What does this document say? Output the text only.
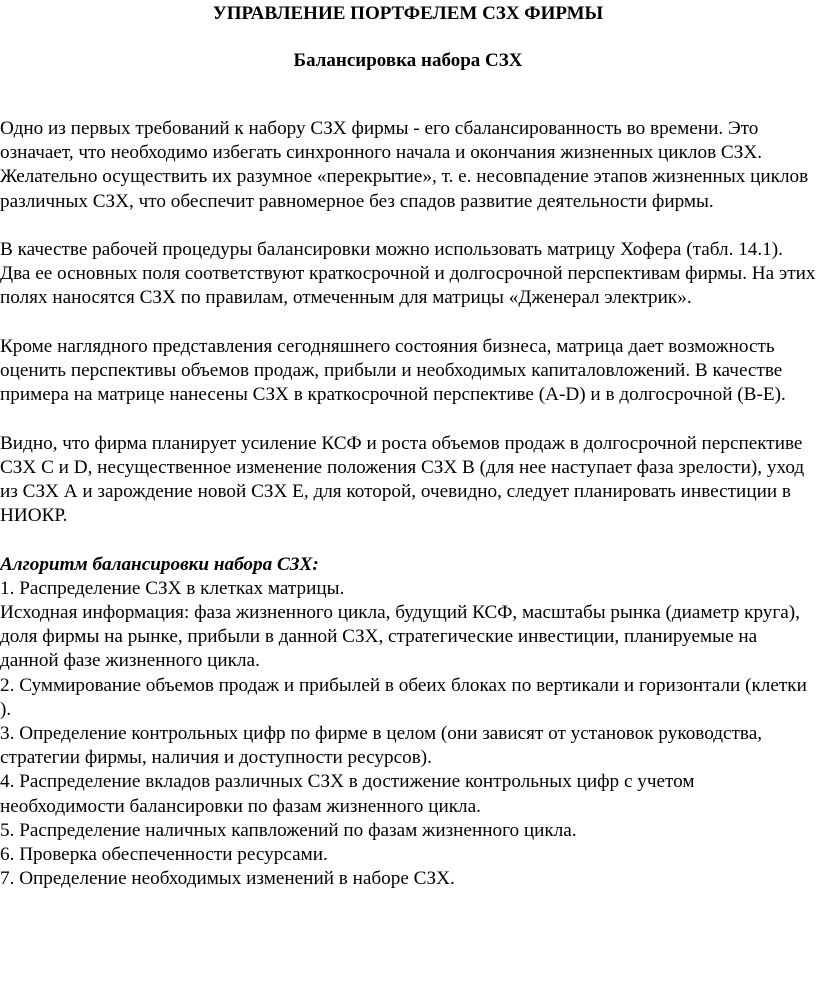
УПРАВЛЕНИЕ ПОРТФЕЛЕМ СЗХ ФИРМЫ
Балансировка набора СЗХ

Одно из первых требований к набору СЗХ фирмы - его сбалансированность во времени. Это означает, что необходимо избегать синхронного начала и окончания жизненных циклов СЗХ. Желательно осуществить их разумное «перекрытие», т. е. несовпадение этапов жизненных циклов различных СЗХ, что обеспечит равномерное без спадов развитие деятельности фирмы.

В качестве рабочей процедуры балансировки можно использовать матрицу Хофера (табл. 14.1). Два ее основных поля соответствуют краткосрочной и долгосрочной перспективам фирмы. На этих полях наносятся СЗХ по правилам, отмеченным для матрицы «Дженерал электрик».

Кроме наглядного представления сегодняшнего состояния бизнеса, матрица дает возможность оценить перспективы объемов продаж, прибыли и необходимых капиталовложений. В качестве примера на матрице нанесены СЗХ в краткосрочной перспективе (A-D) и в долгосрочной (B-E).

Видно, что фирма планирует усиление КСФ и роста объемов продаж в долгосрочной перспективе СЗХ С и D, несущественное изменение положения СЗХ В (для нее наступает фаза зрелости), уход из СЗХ А и зарождение новой СЗХ Е, для которой, очевидно, следует планировать инвестиции в НИОКР.

Алгоритм балансировки набора СЗХ:

1. Распределение СЗХ в клетках матрицы.

Исходная информация: фаза жизненного цикла, будущий КСФ, масштабы рынка (диаметр круга), доля фирмы на рынке, прибыли в данной СЗХ, стратегические инвестиции, планируемые на данной фазе жизненного цикла.

2. Суммирование объемов продаж и прибылей в обеих блоках по вертикали и горизонтали (клетки ).

3. Определение контрольных цифр по фирме в целом (они зависят от установок руководства, стратегии фирмы, наличия и доступности ресурсов).

4. Распределение вкладов различных СЗХ в достижение контрольных цифр с учетом необходимости балансировки по фазам жизненного цикла.

5. Распределение наличных капвложений по фазам жизненного цикла.

6. Проверка обеспеченности ресурсами.

7. Определение необходимых изменений в наборе СЗХ.
